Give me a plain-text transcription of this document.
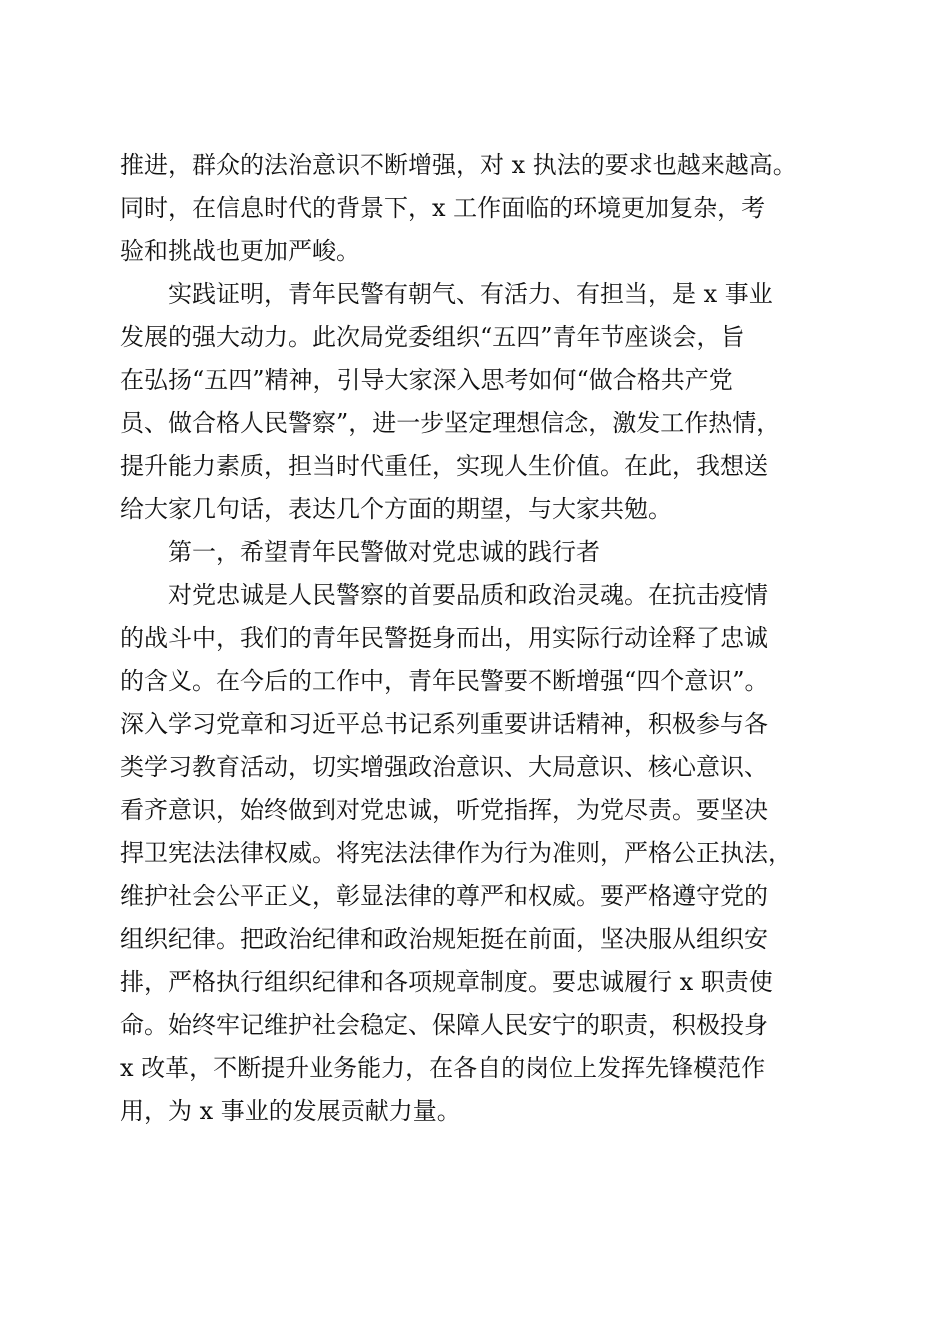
推进，群众的法治意识不断增强，对 x 执法的要求也越来越高。
同时，在信息时代的背景下，x 工作面临的环境更加复杂，考
验和挑战也更加严峻。
实践证明，青年民警有朝气、有活力、有担当，是 x 事业
发展的强大动力。此次局党委组织“五四”青年节座谈会，旨
在弘扬“五四”精神，引导大家深入思考如何“做合格共产党
员、做合格人民警察”，进一步坚定理想信念，激发工作热情，
提升能力素质，担当时代重任，实现人生价值。在此，我想送
给大家几句话，表达几个方面的期望，与大家共勉。
第一，希望青年民警做对党忠诚的践行者
对党忠诚是人民警察的首要品质和政治灵魂。在抗击疫情
的战斗中，我们的青年民警挺身而出，用实际行动诠释了忠诚
的含义。在今后的工作中，青年民警要不断增强“四个意识”。
深入学习党章和习近平总书记系列重要讲话精神，积极参与各
类学习教育活动，切实增强政治意识、大局意识、核心意识、
看齐意识，始终做到对党忠诚，听党指挥，为党尽责。要坚决
捍卫宪法法律权威。将宪法法律作为行为准则，严格公正执法，
维护社会公平正义，彰显法律的尊严和权威。要严格遵守党的
组织纪律。把政治纪律和政治规矩挺在前面，坚决服从组织安
排，严格执行组织纪律和各项规章制度。要忠诚履行 x 职责使
命。始终牢记维护社会稳定、保障人民安宁的职责，积极投身
x 改革，不断提升业务能力，在各自的岗位上发挥先锋模范作
用，为 x 事业的发展贡献力量。
